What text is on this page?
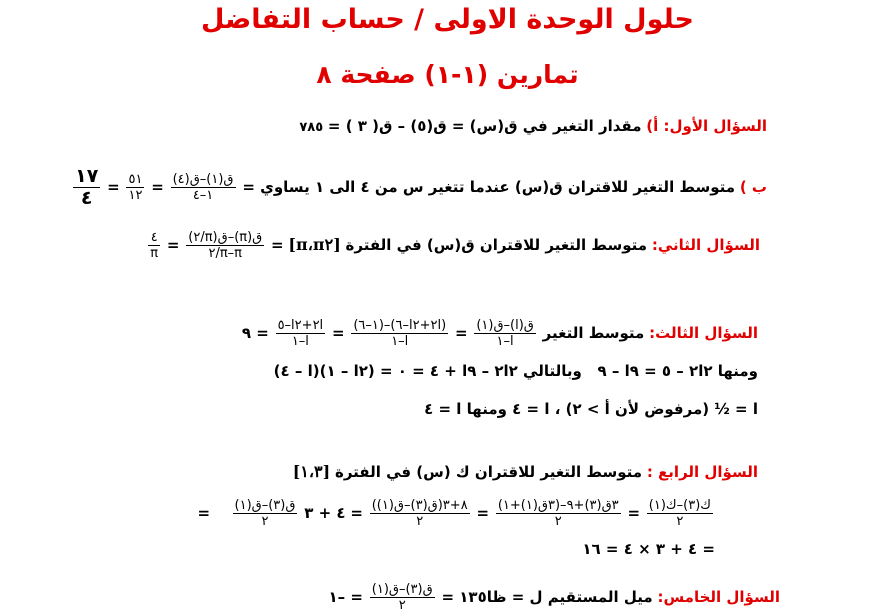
حلول الوحدة الاولى / حساب التفاضل
تمارين (١-١) صفحة ٨
السؤال الأول: أ) مقدار التغير في ق(س) = ق(٥) – ق( ٣ ) = ٧٨٥
ب ) متوسط التغير للاقتران ق(س) عندما تتغير س من ٤ الى ١ يساوي =
$\frac{\text{ق(١)–ق(٤)}}{١-٤}$
=
$\frac{٥١}{١٢}$
=
$\frac{١٧}{٤}$
السؤال الثاني: متوسط التغير للاقتران ق(س) في الفترة [π٢،π] =
$\frac{\text{ق(π)–ق(π/٢)}}{\pi-\pi/٢}$
=
$\frac{٤}{\pi}$
السؤال الثالث: متوسط التغير
$\frac{\text{ق(ا)–ق(١)}}{\text{ا–١}}$
=
$\frac{\text{(ا٢+٢ا–٦)–(١–٦)}}{\text{ا–١}}$
=
$\frac{\text{ا٢+٢ا–٥}}{\text{ا–١}}$
= ٩
ومنها ٢ا٢ – ٥ = ٩ا – ٩   وبالتالي ٢ا٢ – ٩ا + ٤ = ٠ = (٢ا – ١)(ا – ٤)
ا = ½ (مرفوض لأن أ > ٢) ، ا = ٤ ومنها ا = ٤
السؤال الرابع : متوسط التغير للاقتران ك (س) في الفترة [١،٣]
$\frac{\text{ك(٣)–ك(١)}}{٢}$
=
$\frac{\text{٣ق(٣)+٩–(٣ق(١)+١)}}{٢}$
=
$\frac{\text{٨+٣(ق(٣)–ق(١))}}{٢}$
= ٤ + ٣
$\frac{\text{ق(٣)–ق(١)}}{٢}$
=
= ٤ + ٣ × ٤ = ١٦
السؤال الخامس: ميل المستقيم ل = ظا١٣٥ =
$\frac{\text{ق(٣)–ق(١)}}{٢}$
= –١
